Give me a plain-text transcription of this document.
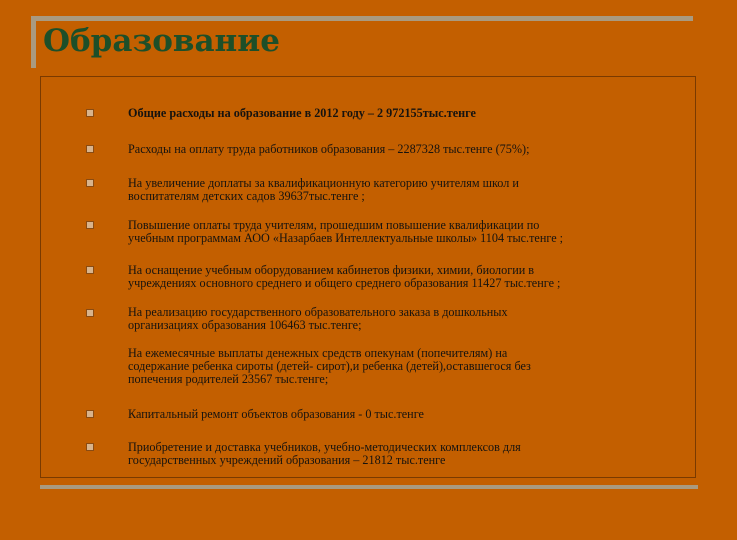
Образование
Общие расходы на образование в 2012 году – 2 972155тыс.тенге
Расходы на оплату труда работников образования – 2287328 тыс.тенге (75%);
На увеличение доплаты за квалификационную категорию учителям школ и
воспитателям детских садов 39637тыс.тенге ;
Повышение оплаты труда учителям, прошедшим повышение квалификации по
учебным программам АОО «Назарбаев Интеллектуальные школы» 1104 тыс.тенге ;
На оснащение учебным оборудованием кабинетов физики, химии, биологии в
учреждениях основного среднего и общего среднего образования 11427 тыс.тенге ;
На реализацию государственного образовательного заказа в дошкольных
организациях образования 106463 тыс.тенге;
На ежемесячные выплаты денежных средств опекунам (попечителям) на
содержание ребенка сироты (детей- сирот),и ребенка (детей),оставшегося без
попечения родителей 23567 тыс.тенге;
Капитальный ремонт объектов образования - 0 тыс.тенге
Приобретение и доставка учебников, учебно-методических комплексов для
государственных учреждений образования – 21812 тыс.тенге
